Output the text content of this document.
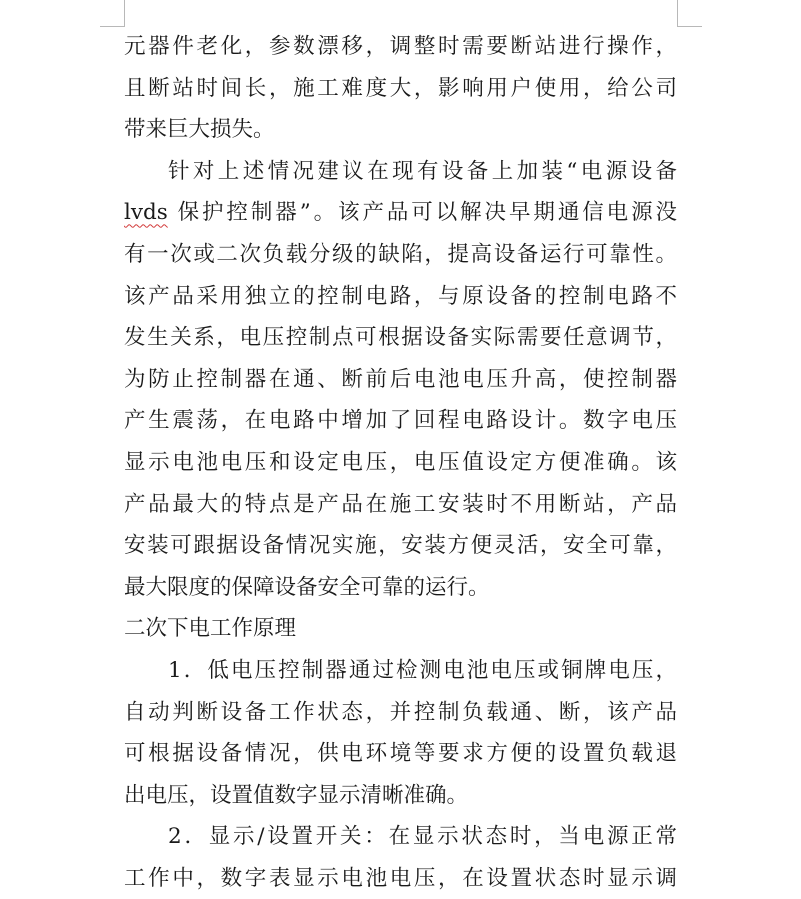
元器件老化，参数漂移，调整时需要断站进行操作，
且断站时间长，施工难度大，影响用户使用，给公司
带来巨大损失。
针对上述情况建议在现有设备上加装“电源设备
lvds 保护控制器”。该产品可以解决早期通信电源没
有一次或二次负载分级的缺陷，提高设备运行可靠性。
该产品采用独立的控制电路，与原设备的控制电路不
发生关系，电压控制点可根据设备实际需要任意调节，
为防止控制器在通、断前后电池电压升高，使控制器
产生震荡，在电路中增加了回程电路设计。数字电压
显示电池电压和设定电压，电压值设定方便准确。该
产品最大的特点是产品在施工安装时不用断站，产品
安装可跟据设备情况实施，安装方便灵活，安全可靠，
最大限度的保障设备安全可靠的运行。
二次下电工作原理
1．低电压控制器通过检测电池电压或铜牌电压，
自动判断设备工作状态，并控制负载通、断，该产品
可根据设备情况，供电环境等要求方便的设置负载退
出电压，设置值数字显示清晰准确。
2．显示/设置开关：在显示状态时，当电源正常
工作中，数字表显示电池电压，在设置状态时显示调
